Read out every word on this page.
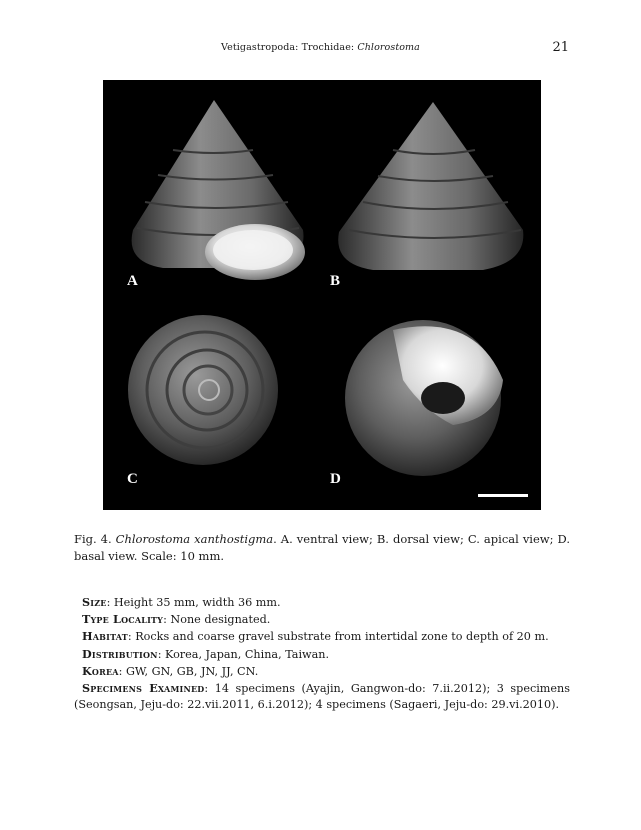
Vetigastropoda: Trochidae: Chlorostoma	21
A	B
C	D
Fig. 4. Chlorostoma xanthostigma. A. ventral view; B. dorsal view; C. apical view; D. basal view. Scale: 10 mm.

Size: Height 35 mm, width 36 mm.

Type Locality: None designated.

Habitat: Rocks and coarse gravel substrate from intertidal zone to depth of 20 m.

Distribution: Korea, Japan, China, Taiwan.

Korea: GW, GN, GB, JN, JJ, CN.

Specimens Examined: 14 specimens (Ayajin, Gangwon-do: 7.ii.2012); 3 specimens (Seongsan, Jeju-do: 22.vii.2011, 6.i.2012); 4 specimens (Sagaeri, Jeju-do: 29.vi.2010).
